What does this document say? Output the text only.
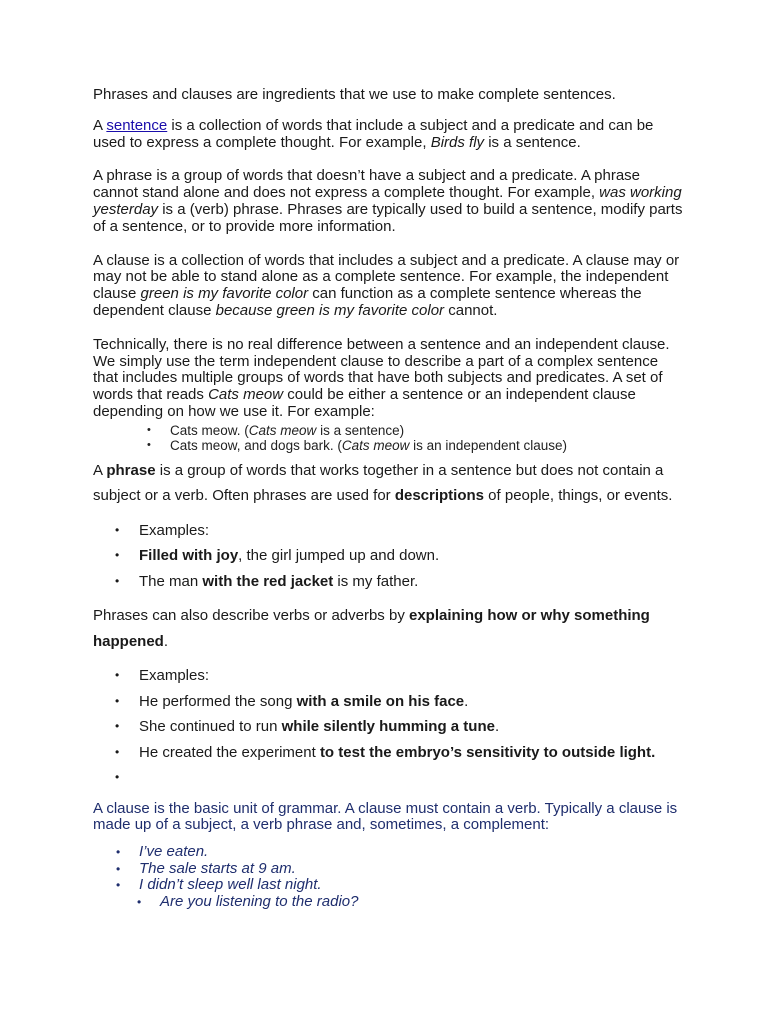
Phrases and clauses are ingredients that we use to make complete sentences.

A sentence is a collection of words that include a subject and a predicate and can be used to express a complete thought. For example, Birds fly is a sentence.

A phrase is a group of words that doesn’t have a subject and a predicate. A phrase cannot stand alone and does not express a complete thought. For example, was working yesterday is a (verb) phrase. Phrases are typically used to build a sentence, modify parts of a sentence, or to provide more information.

A clause is a collection of words that includes a subject and a predicate. A clause may or may not be able to stand alone as a complete sentence. For example, the independent clause green is my favorite color can function as a complete sentence whereas the dependent clause because green is my favorite color cannot.

Technically, there is no real difference between a sentence and an independent clause. We simply use the term independent clause to describe a part of a complex sentence that includes multiple groups of words that have both subjects and predicates. A set of words that reads Cats meow could be either a sentence or an independent clause depending on how we use it. For example:

• Cats meow. (Cats meow is a sentence)
• Cats meow, and dogs bark. (Cats meow is an independent clause)

A phrase is a group of words that works together in a sentence but does not contain a subject or a verb. Often phrases are used for descriptions of people, things, or events.

• Examples:
• Filled with joy, the girl jumped up and down.
• The man with the red jacket is my father.

Phrases can also describe verbs or adverbs by explaining how or why something happened.

• Examples:
• He performed the song with a smile on his face.
• She continued to run while silently humming a tune.
• He created the experiment to test the embryo’s sensitivity to outside light.
•

A clause is the basic unit of grammar. A clause must contain a verb. Typically a clause is made up of a subject, a verb phrase and, sometimes, a complement:

• I’ve eaten.
• The sale starts at 9 am.
• I didn’t sleep well last night.
• Are you listening to the radio?
